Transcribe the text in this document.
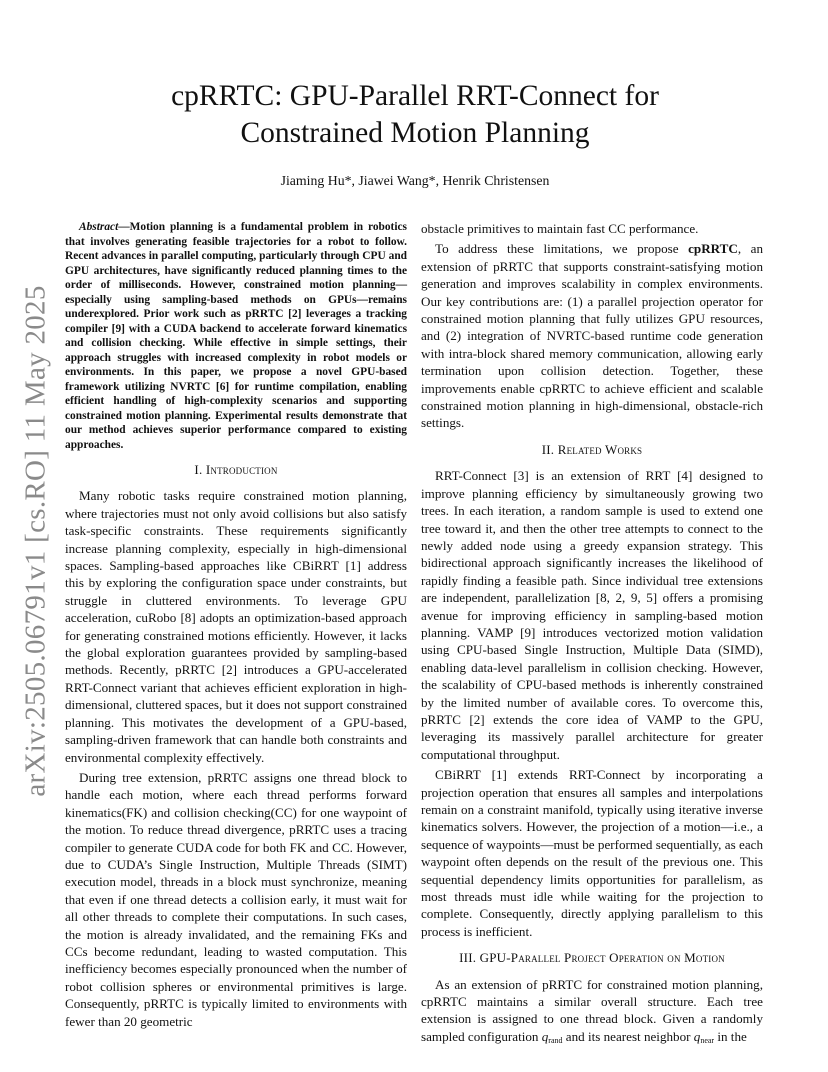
arXiv:2505.06791v1 [cs.RO] 11 May 2025
cpRRTC: GPU-Parallel RRT-Connect for
Constrained Motion Planning
Jiaming Hu*, Jiawei Wang*, Henrik Christensen

Abstract—Motion planning is a fundamental problem in robotics that involves generating feasible trajectories for a robot to follow. Recent advances in parallel computing, particularly through CPU and GPU architectures, have significantly reduced planning times to the order of milliseconds. However, constrained motion planning—especially using sampling-based methods on GPUs—remains underexplored. Prior work such as pRRTC [2] leverages a tracking compiler [9] with a CUDA backend to accelerate forward kinematics and collision checking. While effective in simple settings, their approach struggles with increased complexity in robot models or environments. In this paper, we propose a novel GPU-based framework utilizing NVRTC [6] for runtime compilation, enabling efficient handling of high-complexity scenarios and supporting constrained motion planning. Experimental results demonstrate that our method achieves superior performance compared to existing approaches.

I. Introduction

Many robotic tasks require constrained motion planning, where trajectories must not only avoid collisions but also satisfy task-specific constraints. These requirements significantly increase planning complexity, especially in high-dimensional spaces. Sampling-based approaches like CBiRRT [1] address this by exploring the configuration space under constraints, but struggle in cluttered environments. To leverage GPU acceleration, cuRobo [8] adopts an optimization-based approach for generating constrained motions efficiently. However, it lacks the global exploration guarantees provided by sampling-based methods. Recently, pRRTC [2] introduces a GPU-accelerated RRT-Connect variant that achieves efficient exploration in high-dimensional, cluttered spaces, but it does not support constrained planning. This motivates the development of a GPU-based, sampling-driven framework that can handle both constraints and environmental complexity effectively.

During tree extension, pRRTC assigns one thread block to handle each motion, where each thread performs forward kinematics(FK) and collision checking(CC) for one waypoint of the motion. To reduce thread divergence, pRRTC uses a tracing compiler to generate CUDA code for both FK and CC. However, due to CUDA’s Single Instruction, Multiple Threads (SIMT) execution model, threads in a block must synchronize, meaning that even if one thread detects a collision early, it must wait for all other threads to complete their computations. In such cases, the motion is already invalidated, and the remaining FKs and CCs become redundant, leading to wasted computation. This inefficiency becomes especially pronounced when the number of robot collision spheres or environmental primitives is large. Consequently, pRRTC is typically limited to environments with fewer than 20 geometric

obstacle primitives to maintain fast CC performance.

To address these limitations, we propose cpRRTC, an extension of pRRTC that supports constraint-satisfying motion generation and improves scalability in complex environments. Our key contributions are: (1) a parallel projection operator for constrained motion planning that fully utilizes GPU resources, and (2) integration of NVRTC-based runtime code generation with intra-block shared memory communication, allowing early termination upon collision detection. Together, these improvements enable cpRRTC to achieve efficient and scalable constrained motion planning in high-dimensional, obstacle-rich settings.

II. Related Works

RRT-Connect [3] is an extension of RRT [4] designed to improve planning efficiency by simultaneously growing two trees. In each iteration, a random sample is used to extend one tree toward it, and then the other tree attempts to connect to the newly added node using a greedy expansion strategy. This bidirectional approach significantly increases the likelihood of rapidly finding a feasible path. Since individual tree extensions are independent, parallelization [8, 2, 9, 5] offers a promising avenue for improving efficiency in sampling-based motion planning. VAMP [9] introduces vectorized motion validation using CPU-based Single Instruction, Multiple Data (SIMD), enabling data-level parallelism in collision checking. However, the scalability of CPU-based methods is inherently constrained by the limited number of available cores. To overcome this, pRRTC [2] extends the core idea of VAMP to the GPU, leveraging its massively parallel architecture for greater computational throughput.

CBiRRT [1] extends RRT-Connect by incorporating a projection operation that ensures all samples and interpolations remain on a constraint manifold, typically using iterative inverse kinematics solvers. However, the projection of a motion—i.e., a sequence of waypoints—must be performed sequentially, as each waypoint often depends on the result of the previous one. This sequential dependency limits opportunities for parallelism, as most threads must idle while waiting for the projection to complete. Consequently, directly applying parallelism to this process is inefficient.

III. GPU-Parallel Project Operation on Motion

As an extension of pRRTC for constrained motion planning, cpRRTC maintains a similar overall structure. Each tree extension is assigned to one thread block. Given a randomly sampled configuration $q_{rand}$ and its nearest neighbor $q_{near}$ in the
